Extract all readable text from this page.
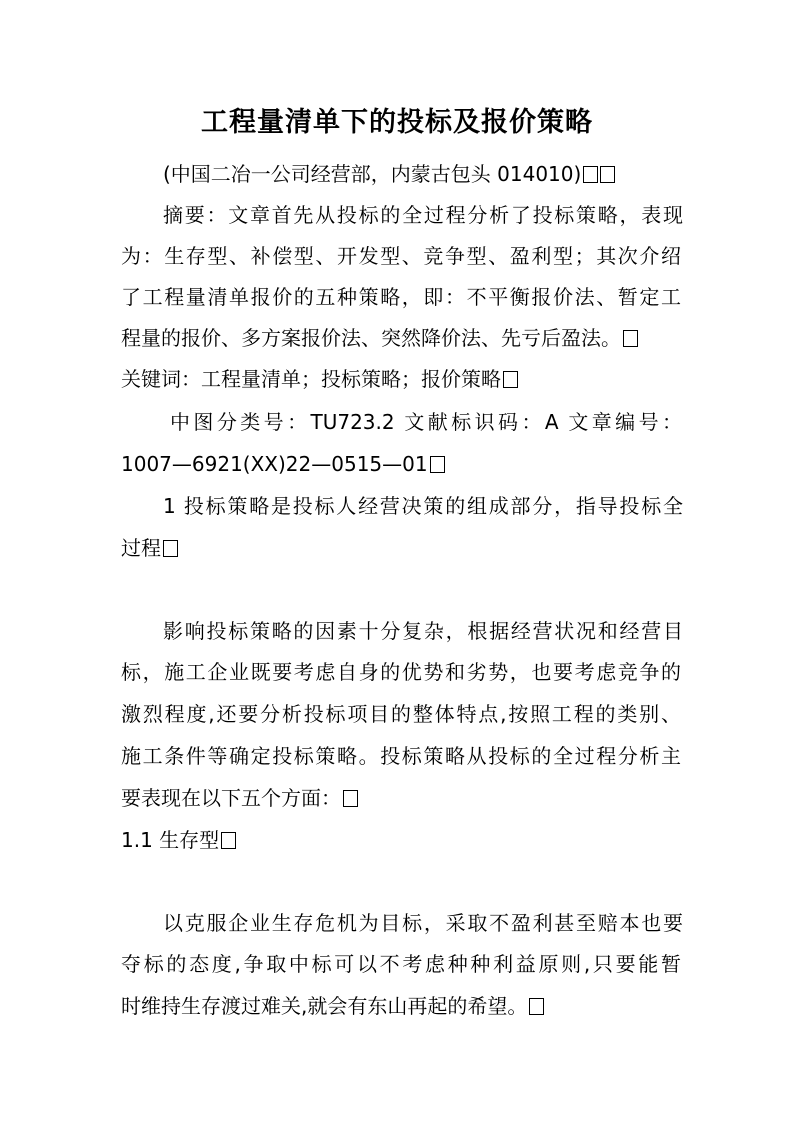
工程量清单下的投标及报价策略
(中国二冶一公司经营部，内蒙古包头 014010)
摘要：文章首先从投标的全过程分析了投标策略，表现
为：生存型、补偿型、开发型、竞争型、盈利型；其次介绍
了工程量清单报价的五种策略，即：不平衡报价法、暂定工
程量的报价、多方案报价法、突然降价法、先亏后盈法。
关键词：工程量清单；投标策略；报价策略
中图分类号：TU723.2 文献标识码：A 文章编号：
1007—6921(XX)22—0515—01
1 投标策略是投标人经营决策的组成部分，指导投标全
过程
影响投标策略的因素十分复杂，根据经营状况和经营目
标，施工企业既要考虑自身的优势和劣势，也要考虑竞争的
激烈程度,还要分析投标项目的整体特点,按照工程的类别、
施工条件等确定投标策略。投标策略从投标的全过程分析主
要表现在以下五个方面：
1.1 生存型
以克服企业生存危机为目标，采取不盈利甚至赔本也要
夺标的态度,争取中标可以不考虑种种利益原则,只要能暂
时维持生存渡过难关,就会有东山再起的希望。
